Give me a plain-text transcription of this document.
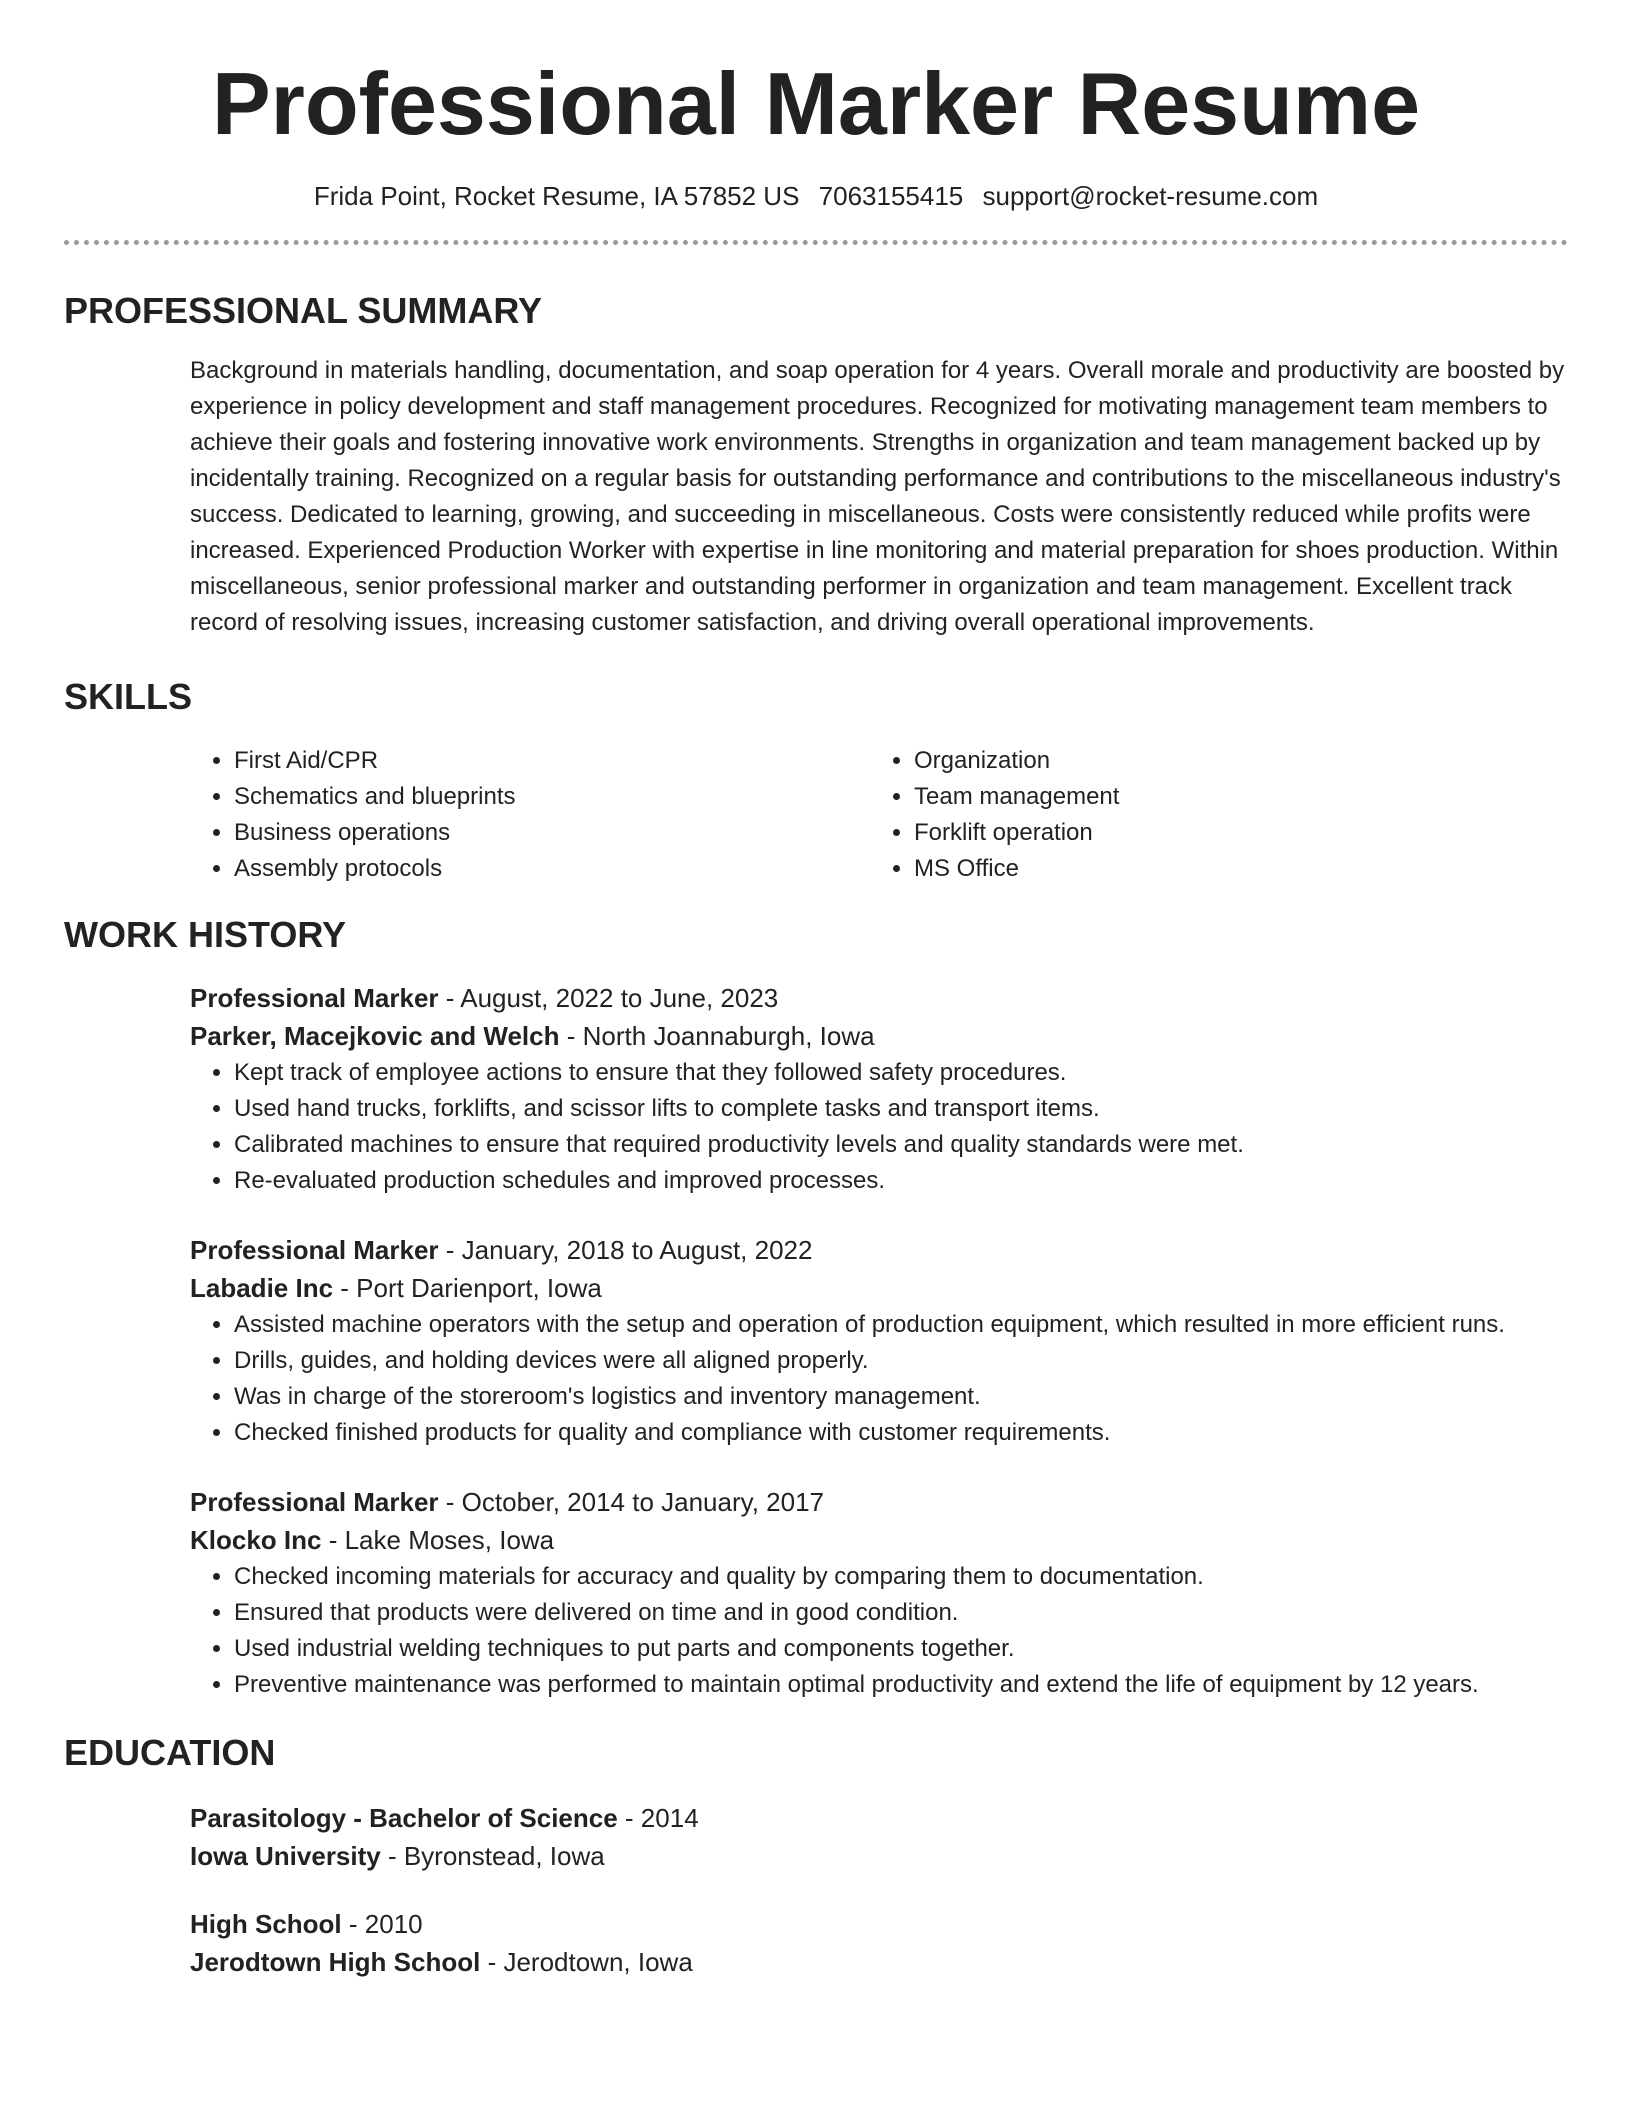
Professional Marker Resume
Frida Point, Rocket Resume, IA 57852 US 7063155415 support@rocket-resume.com
PROFESSIONAL SUMMARY

Background in materials handling, documentation, and soap operation for 4 years. Overall morale and productivity are boosted by experience in policy development and staff management procedures. Recognized for motivating management team members to achieve their goals and fostering innovative work environments. Strengths in organization and team management backed up by incidentally training. Recognized on a regular basis for outstanding performance and contributions to the miscellaneous industry's success. Dedicated to learning, growing, and succeeding in miscellaneous. Costs were consistently reduced while profits were increased. Experienced Production Worker with expertise in line monitoring and material preparation for shoes production. Within miscellaneous, senior professional marker and outstanding performer in organization and team management. Excellent track record of resolving issues, increasing customer satisfaction, and driving overall operational improvements.

SKILLS
• First Aid/CPR
• Schematics and blueprints
• Business operations
• Assembly protocols
• Organization
• Team management
• Forklift operation
• MS Office
WORK HISTORY
Professional Marker - August, 2022 to June, 2023
Parker, Macejkovic and Welch - North Joannaburgh, Iowa
• Kept track of employee actions to ensure that they followed safety procedures.
• Used hand trucks, forklifts, and scissor lifts to complete tasks and transport items.
• Calibrated machines to ensure that required productivity levels and quality standards were met.
• Re-evaluated production schedules and improved processes.
Professional Marker - January, 2018 to August, 2022
Labadie Inc - Port Darienport, Iowa
• Assisted machine operators with the setup and operation of production equipment, which resulted in more efficient runs.
• Drills, guides, and holding devices were all aligned properly.
• Was in charge of the storeroom's logistics and inventory management.
• Checked finished products for quality and compliance with customer requirements.
Professional Marker - October, 2014 to January, 2017
Klocko Inc - Lake Moses, Iowa
• Checked incoming materials for accuracy and quality by comparing them to documentation.
• Ensured that products were delivered on time and in good condition.
• Used industrial welding techniques to put parts and components together.
• Preventive maintenance was performed to maintain optimal productivity and extend the life of equipment by 12 years.
EDUCATION
Parasitology - Bachelor of Science - 2014
Iowa University - Byronstead, Iowa
High School - 2010
Jerodtown High School - Jerodtown, Iowa
